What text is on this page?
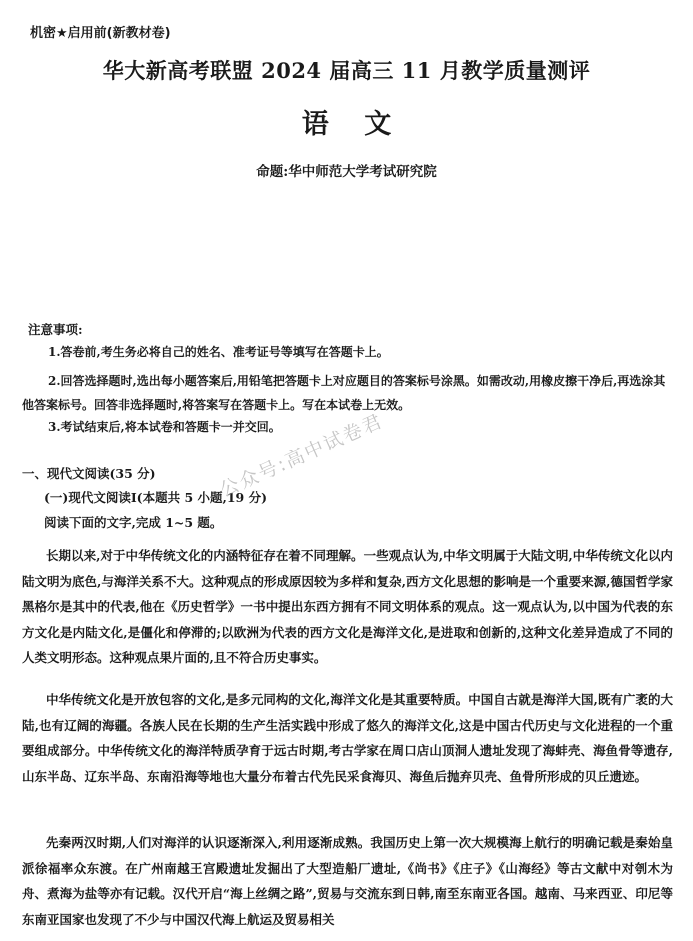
机密★启用前(新教材卷)
华大新高考联盟 2024 届高三 11 月教学质量测评
语 文
命题:华中师范大学考试研究院
注意事项:
1.答卷前,考生务必将自己的姓名、准考证号等填写在答题卡上。
2.回答选择题时,选出每小题答案后,用铅笔把答题卡上对应题目的答案标号涂黑。如需改动,用橡皮擦干净后,再选涂其他答案标号。回答非选择题时,将答案写在答题卡上。写在本试卷上无效。
3.考试结束后,将本试卷和答题卡一并交回。
一、现代文阅读(35 分)
(一)现代文阅读Ⅰ(本题共 5 小题,19 分)
阅读下面的文字,完成 1~5 题。
长期以来,对于中华传统文化的内涵特征存在着不同理解。一些观点认为,中华文明属于大陆文明,中华传统文化以内陆文明为底色,与海洋关系不大。这种观点的形成原因较为多样和复杂,西方文化思想的影响是一个重要来源,德国哲学家黑格尔是其中的代表,他在《历史哲学》一书中提出东西方拥有不同文明体系的观点。这一观点认为,以中国为代表的东方文化是内陆文化,是僵化和停滞的;以欧洲为代表的西方文化是海洋文化,是进取和创新的,这种文化差异造成了不同的人类文明形态。这种观点果片面的,且不符合历史事实。
中华传统文化是开放包容的文化,是多元同构的文化,海洋文化是其重要特质。中国自古就是海洋大国,既有广袤的大陆,也有辽阔的海疆。各族人民在长期的生产生活实践中形成了悠久的海洋文化,这是中国古代历史与文化进程的一个重要组成部分。中华传统文化的海洋特质孕育于远古时期,考古学家在周口店山顶洞人遗址发现了海蚌壳、海鱼骨等遗存,山东半岛、辽东半岛、东南沿海等地也大量分布着古代先民采食海贝、海鱼后抛弃贝壳、鱼骨所形成的贝丘遗迹。
先秦两汉时期,人们对海洋的认识逐渐深入,利用逐渐成熟。我国历史上第一次大规模海上航行的明确记载是秦始皇派徐福率众东渡。在广州南越王宫殿遗址发掘出了大型造船厂遗址,《尚书》《庄子》《山海经》等古文献中对刳木为舟、煮海为盐等亦有记载。汉代开启“海上丝绸之路”,贸易与交流东到日韩,南至东南亚各国。越南、马来西亚、印尼等东南亚国家也发现了不少与中国汉代海上航运及贸易相关
公众号:高中试卷君
